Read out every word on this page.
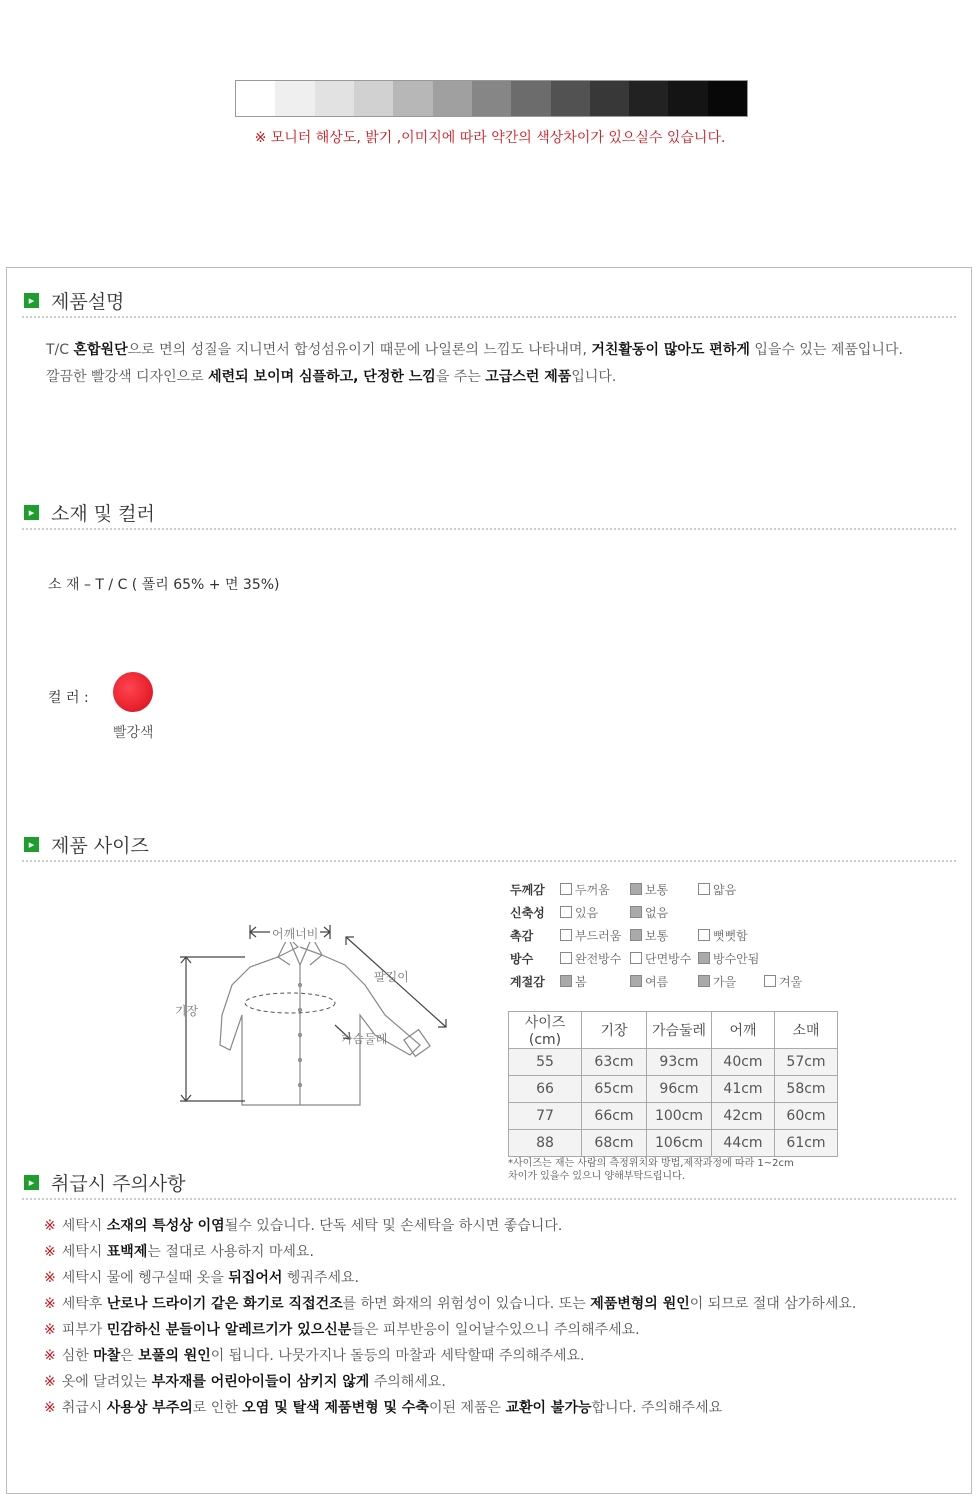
※ 모니터 해상도, 밝기 ,이미지에 따라 약간의 색상차이가 있으실수 있습니다.
▸ 제품설명
T/C 혼합원단으로 면의 성질을 지니면서 합성섬유이기 때문에 나일론의 느낌도 나타내며, 거친활동이 많아도 편하게 입을수 있는 제품입니다.
깔끔한 빨강색 디자인으로 세련되 보이며 심플하고, 단정한 느낌을 주는 고급스런 제품입니다.
▸ 소재 및 컬러
소 재 – T / C ( 폴리 65% + 면 35%)
컬 러 :
빨강색
▸ 제품 사이즈
어깨너비
팔길이
기장
가슴둘레
두께감	두꺼움	보통	얇음
신축성	있음	없음
촉감	부드러움 보통	뻣뻣함
방수	완전방수 단면방수 방수안됨
계절감	봄	여름	가을	겨울
사이즈(cm)	기장	가슴둘레	어깨	소매
55	63cm	93cm	40cm	57cm
66	65cm	96cm	41cm	58cm
77	66cm	100cm	42cm	60cm
88	68cm	106cm	44cm	61cm
*사이즈는 재는 사람의 측정위치와 방법,제작과정에 따라 1~2cm
차이가 있을수 있으니 양해부탁드립니다.
▸ 취급시 주의사항
※ 세탁시 소재의 특성상 이염될수 있습니다. 단독 세탁 및 손세탁을 하시면 좋습니다.
※ 세탁시 표백제는 절대로 사용하지 마세요.
※ 세탁시 물에 헹구실때 옷을 뒤집어서 헹궈주세요.
※ 세탁후 난로나 드라이기 같은 화기로 직접건조를 하면 화재의 위험성이 있습니다. 또는 제품변형의 원인이 되므로 절대 삼가하세요.
※ 피부가 민감하신 분들이나 알레르기가 있으신분들은 피부반응이 일어날수있으니 주의해주세요.
※ 심한 마찰은 보풀의 원인이 됩니다. 나뭇가지나 돌등의 마찰과 세탁할때 주의해주세요.
※ 옷에 달려있는 부자재를 어린아이들이 삼키지 않게 주의해세요.
※ 취급시 사용상 부주의로 인한 오염 및 탈색 제품변형 및 수축이된 제품은 교환이 불가능합니다. 주의해주세요
